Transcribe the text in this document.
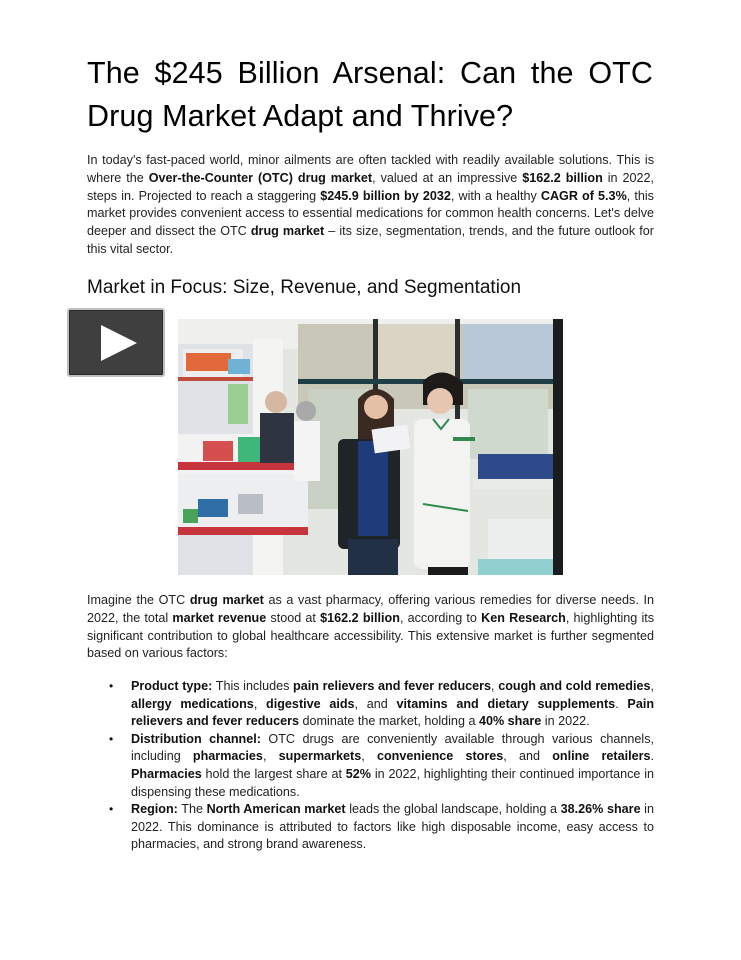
The $245 Billion Arsenal: Can the OTC Drug Market Adapt and Thrive?

In today's fast-paced world, minor ailments are often tackled with readily available solutions. This is where the Over-the-Counter (OTC) drug market, valued at an impressive $162.2 billion in 2022, steps in. Projected to reach a staggering $245.9 billion by 2032, with a healthy CAGR of 5.3%, this market provides convenient access to essential medications for common health concerns. Let's delve deeper and dissect the OTC drug market – its size, segmentation, trends, and the future outlook for this vital sector.

Market in Focus: Size, Revenue, and Segmentation

Imagine the OTC drug market as a vast pharmacy, offering various remedies for diverse needs. In 2022, the total market revenue stood at $162.2 billion, according to Ken Research, highlighting its significant contribution to global healthcare accessibility. This extensive market is further segmented based on various factors:

• Product type: This includes pain relievers and fever reducers, cough and cold remedies, allergy medications, digestive aids, and vitamins and dietary supplements. Pain relievers and fever reducers dominate the market, holding a 40% share in 2022.
• Distribution channel: OTC drugs are conveniently available through various channels, including pharmacies, supermarkets, convenience stores, and online retailers. Pharmacies hold the largest share at 52% in 2022, highlighting their continued importance in dispensing these medications.
• Region: The North American market leads the global landscape, holding a 38.26% share in 2022. This dominance is attributed to factors like high disposable income, easy access to pharmacies, and strong brand awareness.
